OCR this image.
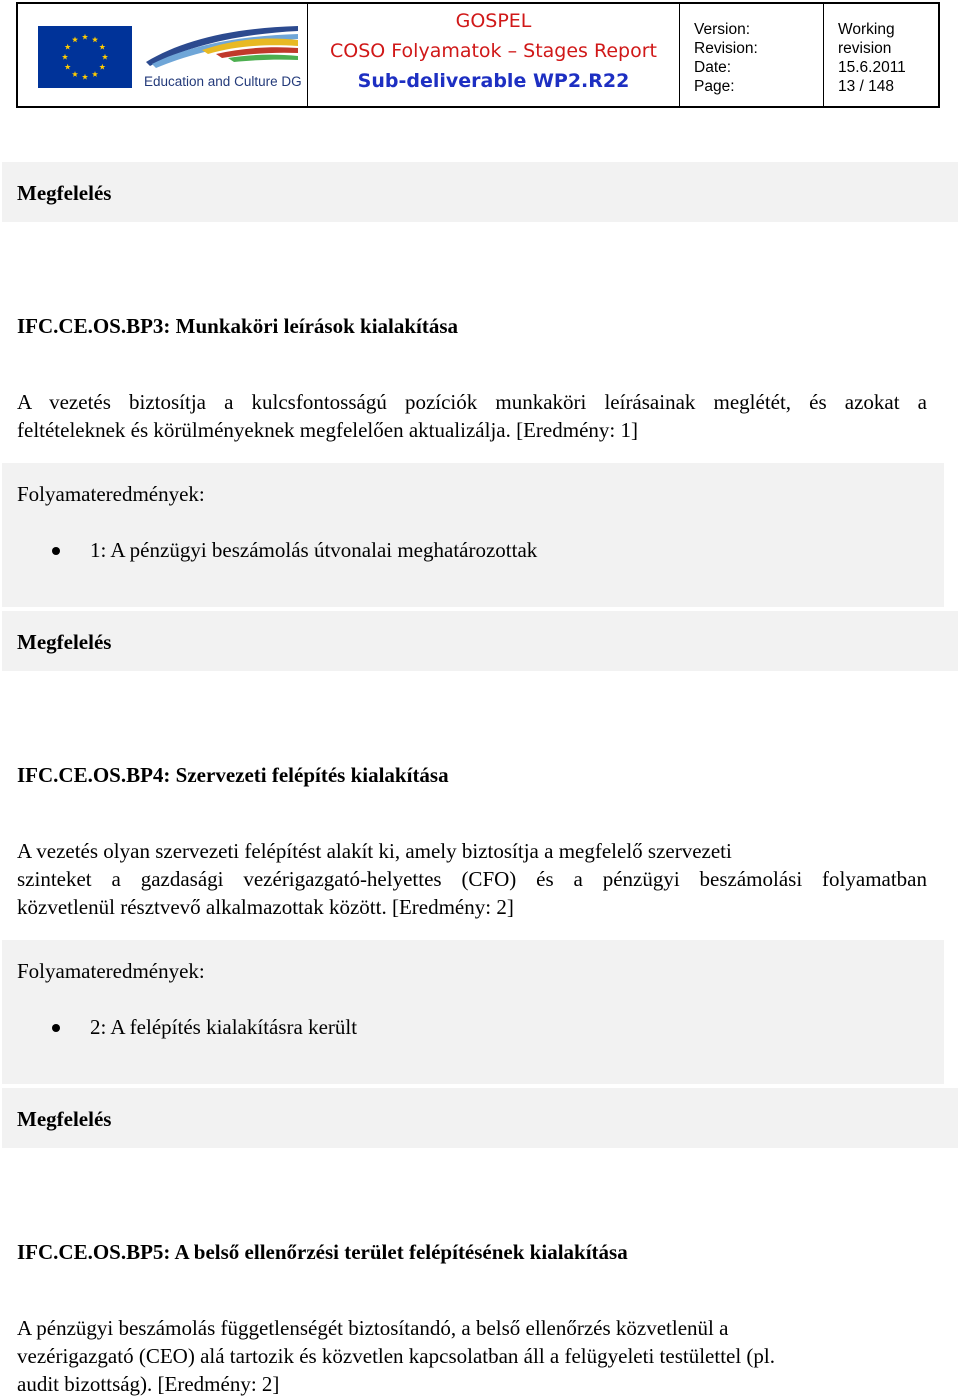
Education and Culture DG
GOSPEL
COSO Folyamatok – Stages Report
Sub-deliverable WP2.R22
Version:
Revision:
Date:
Page:
Working
revision
15.6.2011
13 / 148
Megfelelés
IFC.CE.OS.BP3: Munkaköri leírások kialakítása
A vezetés biztosítja a kulcsfontosságú pozíciók munkaköri leírásainak meglétét, és azokat a
feltételeknek és körülményeknek megfelelően aktualizálja. [Eredmény: 1]
Folyamateredmények:
1: A pénzügyi beszámolás útvonalai meghatározottak
Megfelelés
IFC.CE.OS.BP4: Szervezeti felépítés kialakítása
A vezetés olyan szervezeti felépítést alakít ki, amely biztosítja a megfelelő szervezeti
szinteket a gazdasági vezérigazgató-helyettes (CFO) és a pénzügyi beszámolási folyamatban
közvetlenül résztvevő alkalmazottak között. [Eredmény: 2]
Folyamateredmények:
2: A felépítés kialakításra került
Megfelelés
IFC.CE.OS.BP5: A belső ellenőrzési terület felépítésének kialakítása
A pénzügyi beszámolás függetlenségét biztosítandó, a belső ellenőrzés közvetlenül a
vezérigazgató (CEO) alá tartozik és közvetlen kapcsolatban áll a felügyeleti testülettel (pl.
audit bizottság). [Eredmény: 2]
